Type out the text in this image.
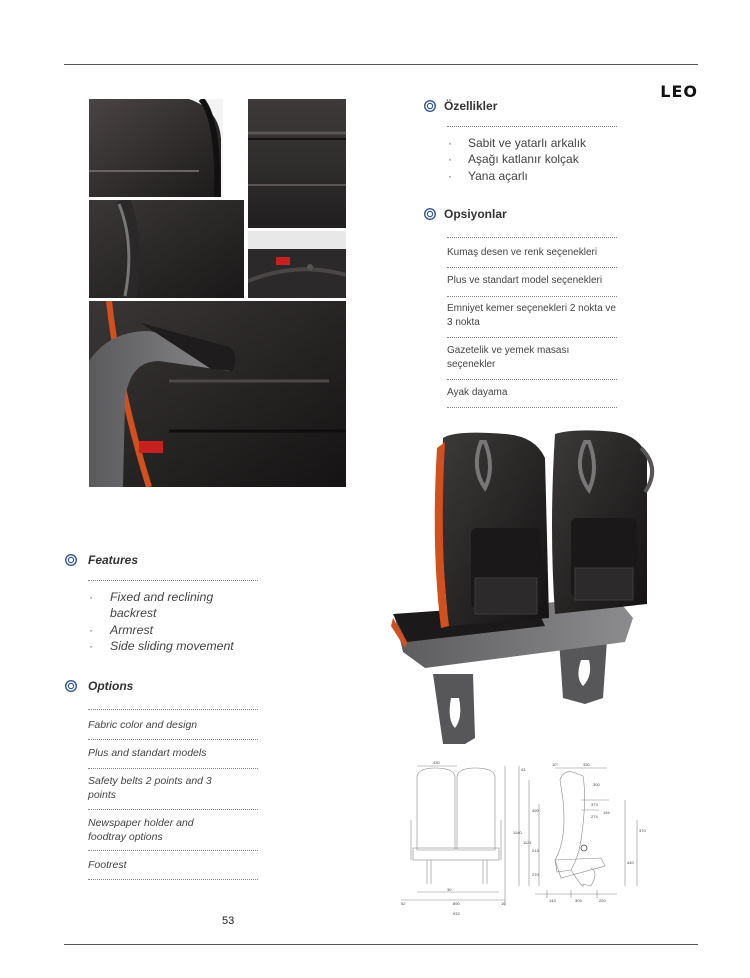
LEO
Özellikler
· Sabit ve yatarlı arkalık
· Aşağı katlanır kolçak
· Yana açarlı
Opsiyonlar
Kumaş desen ve renk seçenekleri
Plus ve standart model seçenekleri
Emniyet kemer seçenekleri 2 nokta ve 3 nokta
Gazetelik ve yemek masası seçenekler
Ayak dayama
Features
· Fixed and reclining backrest
· Armrest
· Side sliding movement
Options
Fabric color and design
Plus and standart models
Safety belts 2 points and 3 points
Newspaper holder and foodtray options
Footrest
430
932
890
52	10
30
10°	330
43
1140
1121
490
213
270
373
274
154
300
370
440
143	305	220
53
